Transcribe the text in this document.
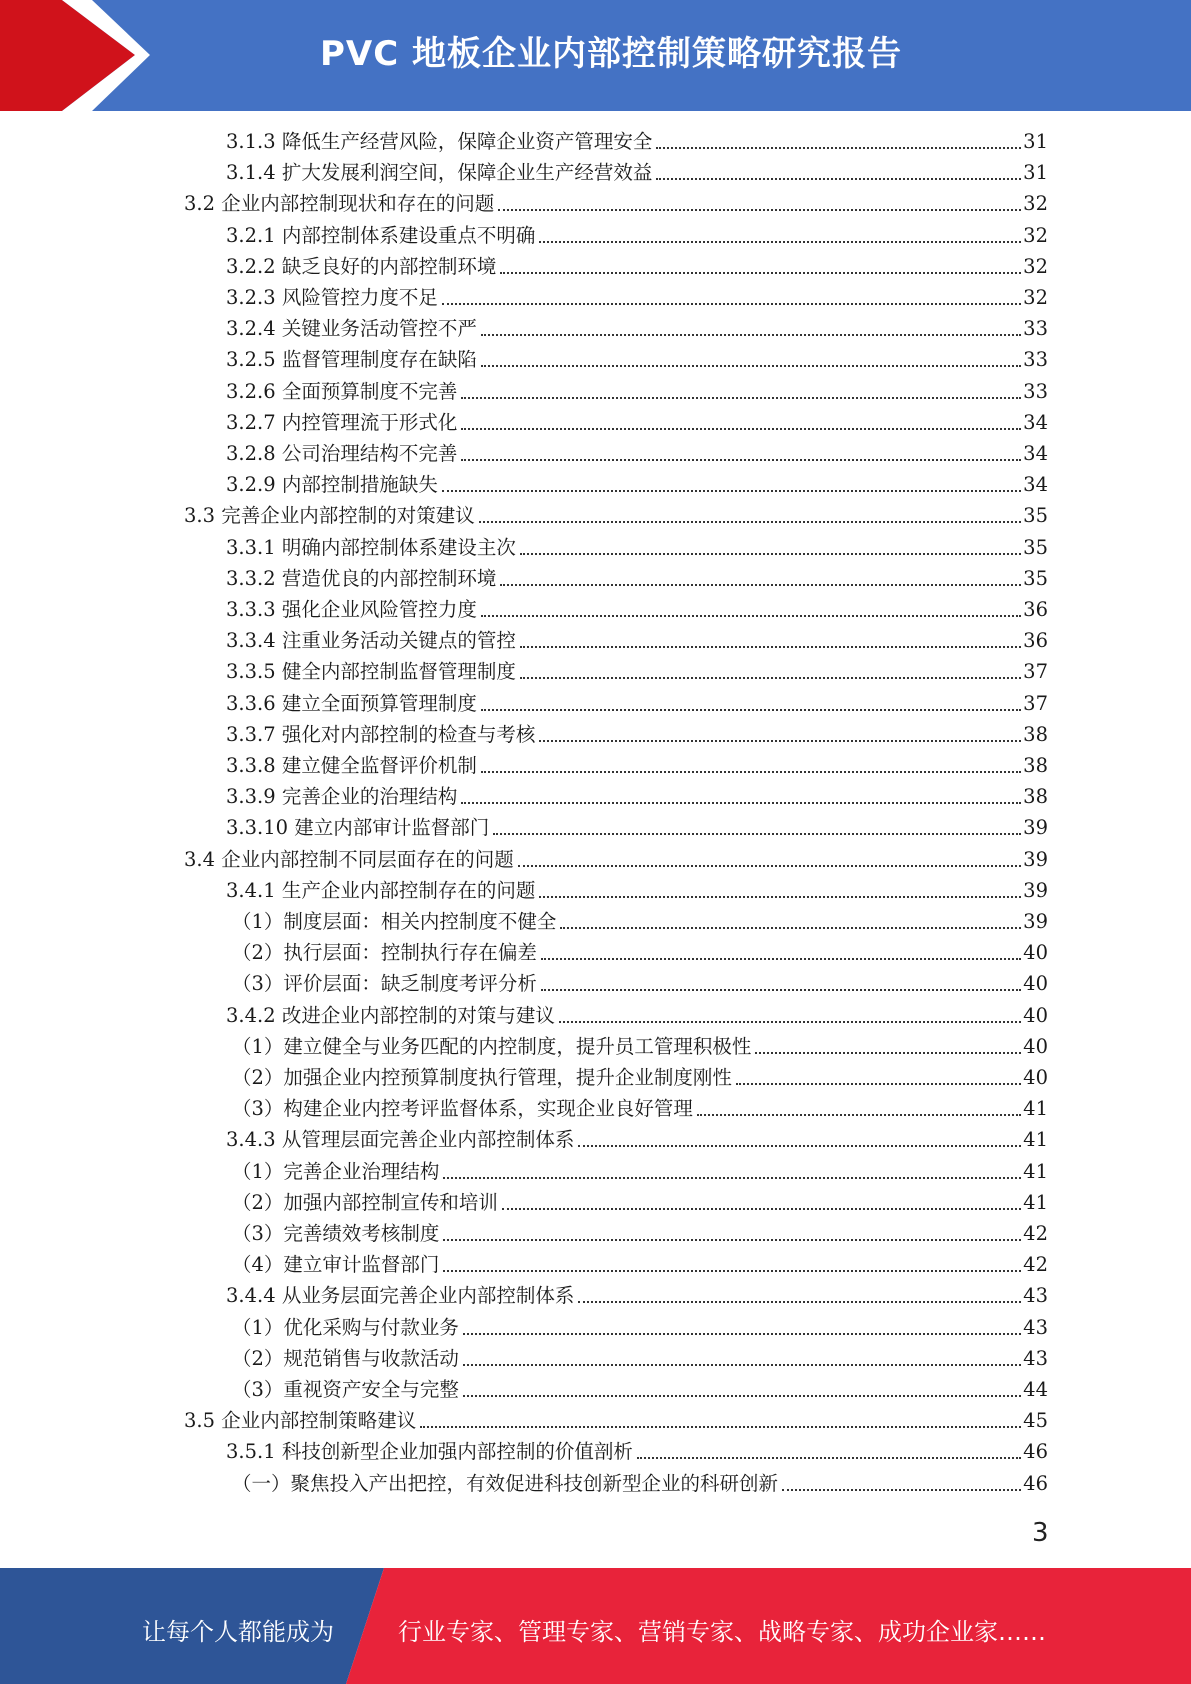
PVC 地板企业内部控制策略研究报告
3.1.3 降低生产经营风险，保障企业资产管理安全	31
3.1.4 扩大发展利润空间，保障企业生产经营效益	31
3.2 企业内部控制现状和存在的问题	32
3.2.1 内部控制体系建设重点不明确	32
3.2.2 缺乏良好的内部控制环境	32
3.2.3 风险管控力度不足	32
3.2.4 关键业务活动管控不严	33
3.2.5 监督管理制度存在缺陷	33
3.2.6 全面预算制度不完善	33
3.2.7 内控管理流于形式化	34
3.2.8 公司治理结构不完善	34
3.2.9 内部控制措施缺失	34
3.3 完善企业内部控制的对策建议	35
3.3.1 明确内部控制体系建设主次	35
3.3.2 营造优良的内部控制环境	35
3.3.3 强化企业风险管控力度	36
3.3.4 注重业务活动关键点的管控	36
3.3.5 健全内部控制监督管理制度	37
3.3.6 建立全面预算管理制度	37
3.3.7 强化对内部控制的检查与考核	38
3.3.8 建立健全监督评价机制	38
3.3.9 完善企业的治理结构	38
3.3.10 建立内部审计监督部门	39
3.4 企业内部控制不同层面存在的问题	39
3.4.1 生产企业内部控制存在的问题	39
（1）制度层面：相关内控制度不健全	39
（2）执行层面：控制执行存在偏差	40
（3）评价层面：缺乏制度考评分析	40
3.4.2 改进企业内部控制的对策与建议	40
（1）建立健全与业务匹配的内控制度，提升员工管理积极性	40
（2）加强企业内控预算制度执行管理，提升企业制度刚性	40
（3）构建企业内控考评监督体系，实现企业良好管理	41
3.4.3 从管理层面完善企业内部控制体系	41
（1）完善企业治理结构	41
（2）加强内部控制宣传和培训	41
（3）完善绩效考核制度	42
（4）建立审计监督部门	42
3.4.4 从业务层面完善企业内部控制体系	43
（1）优化采购与付款业务	43
（2）规范销售与收款活动	43
（3）重视资产安全与完整	44
3.5 企业内部控制策略建议	45
3.5.1 科技创新型企业加强内部控制的价值剖析	46
（一）聚焦投入产出把控，有效促进科技创新型企业的科研创新	46
3
让每个人都能成为	行业专家、管理专家、营销专家、战略专家、成功企业家……
